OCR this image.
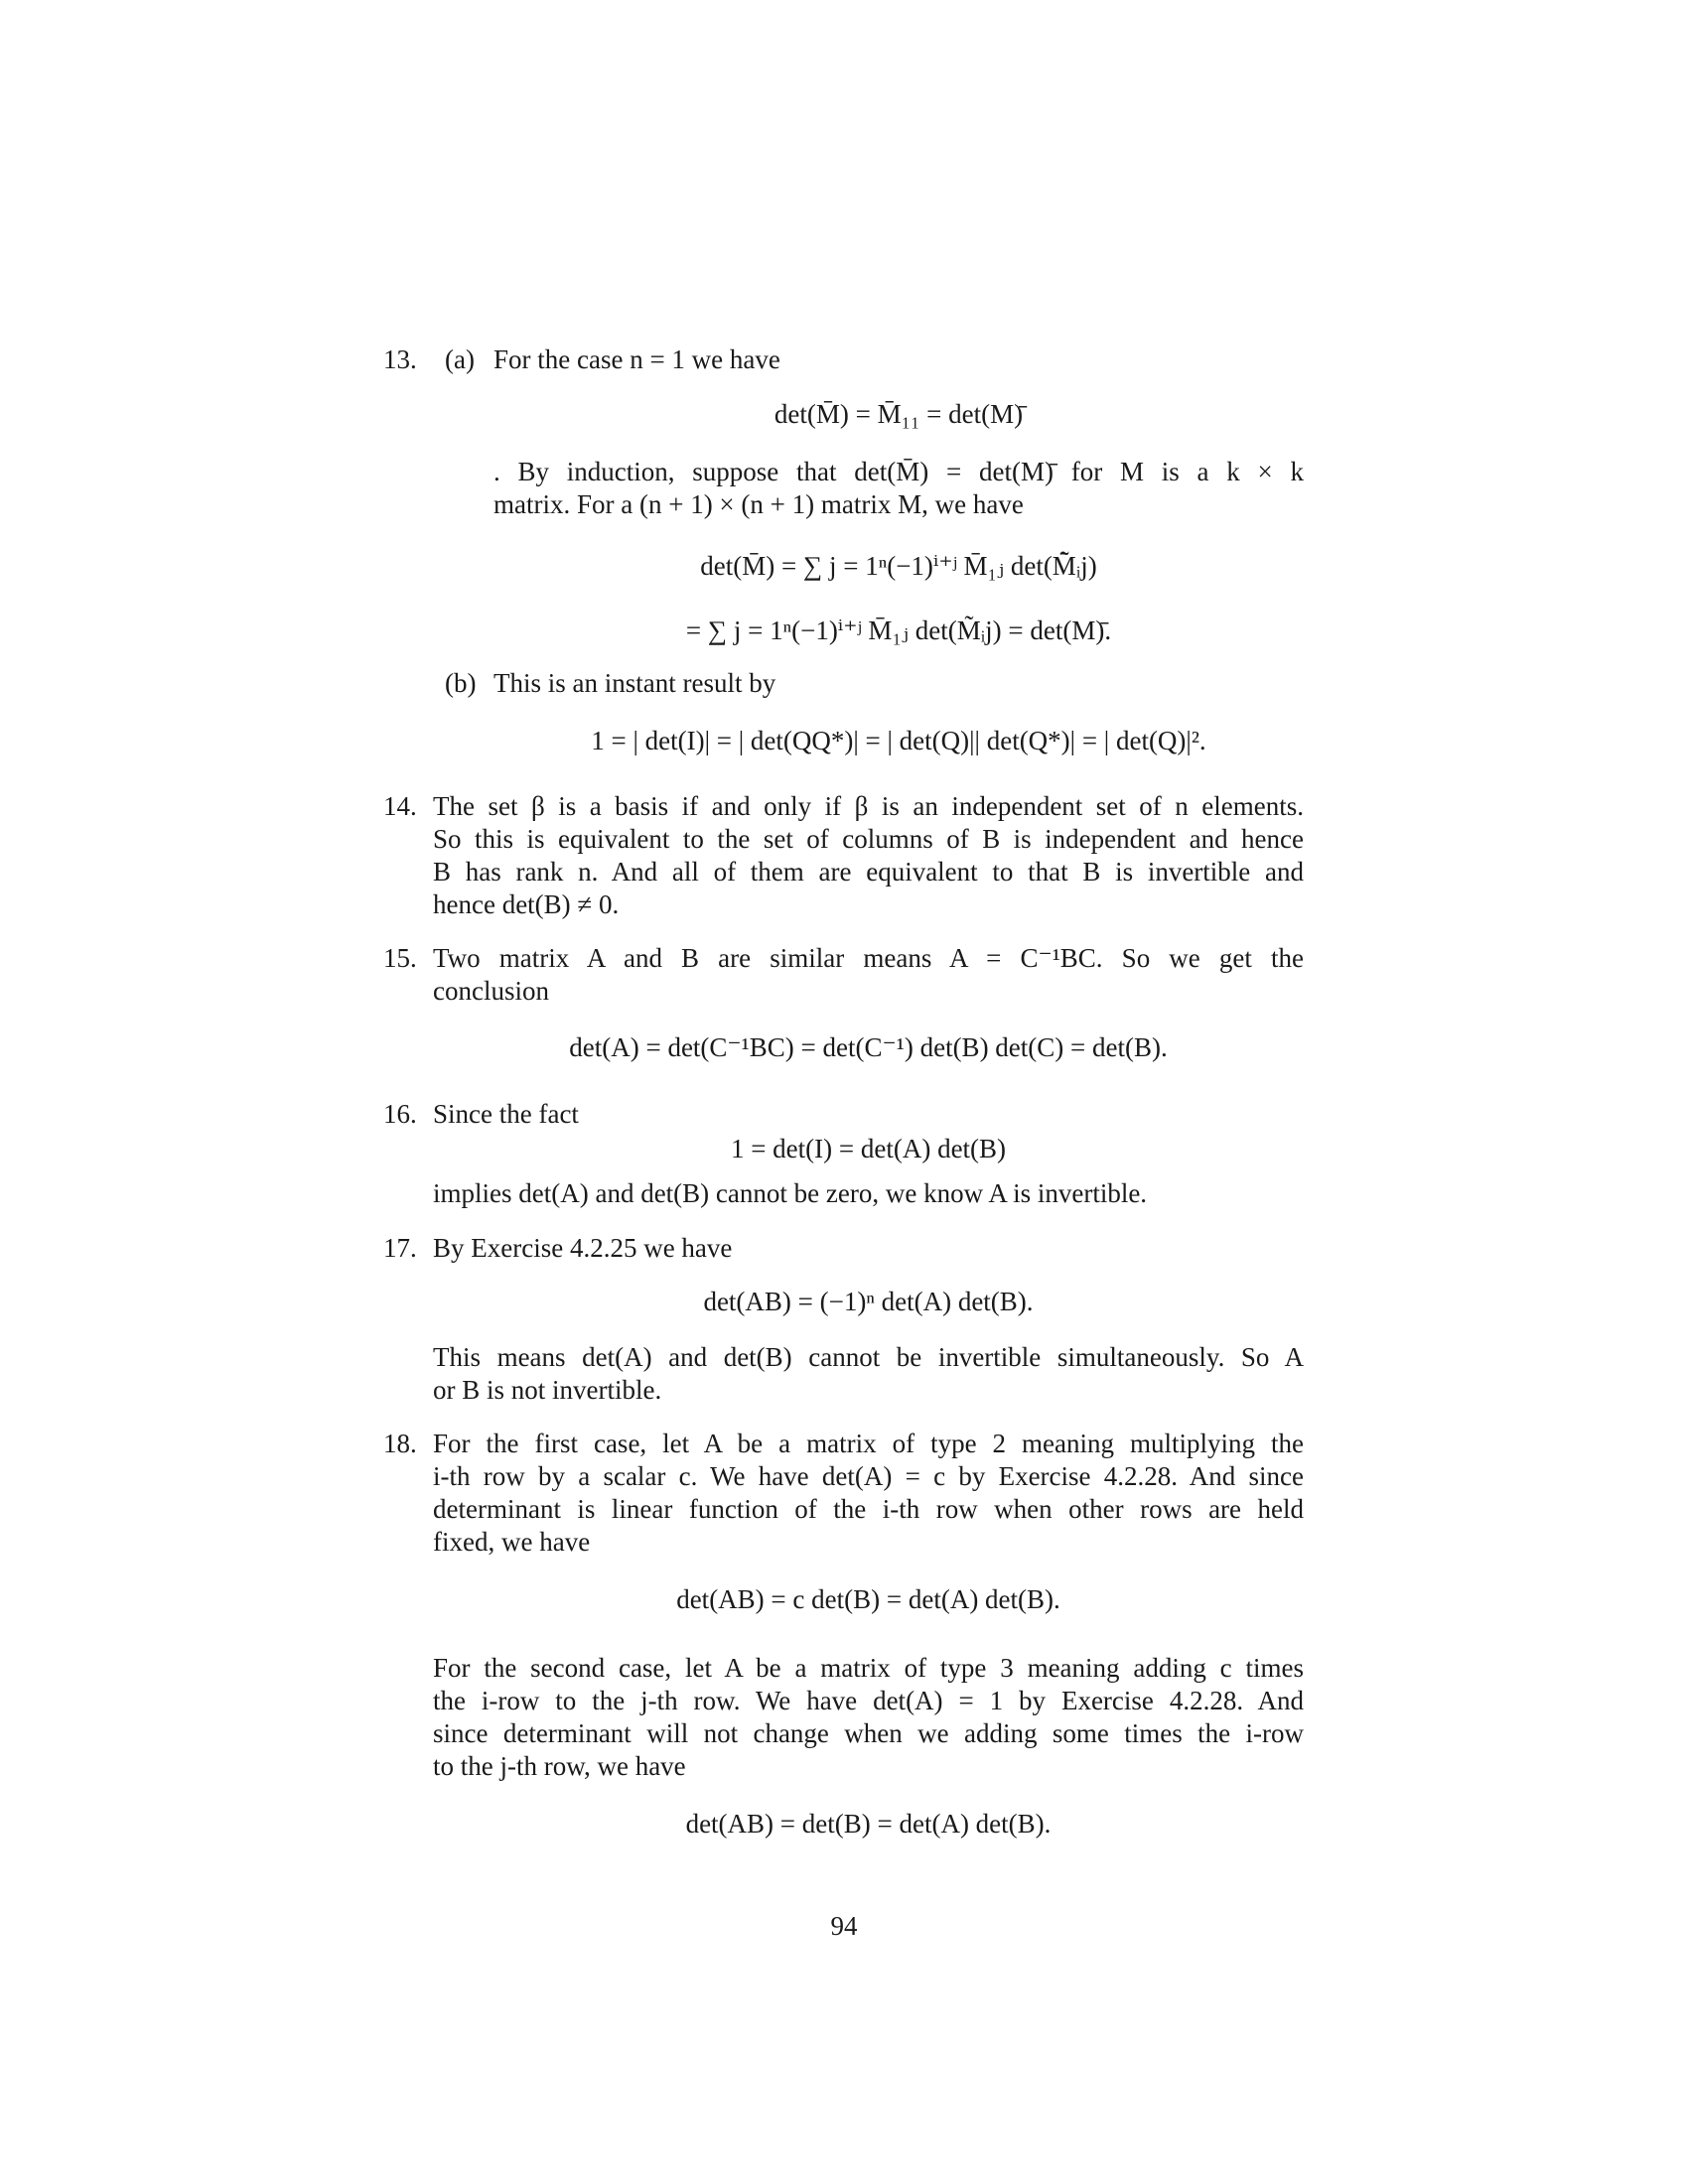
13. (a) For the case n = 1 we have
det(M̄) = M̄₁₁ = det(M)̄
. By induction, suppose that det(M̄) = det(M)̄ for M is a k × k
matrix. For a (n + 1) × (n + 1) matrix M, we have
det(M̄) = ∑ j = 1ⁿ(−1)ⁱ⁺ʲ M̄₁ⱼ det(M̄̃ᵢj)
= ∑ j = 1ⁿ(−1)ⁱ⁺ʲ M̄₁ⱼ det(M̃ᵢj) = det(M)̄.
(b) This is an instant result by
1 = | det(I)| = | det(QQ*)| = | det(Q)|| det(Q*)| = | det(Q)|².
14. The set β is a basis if and only if β is an independent set of n elements.
So this is equivalent to the set of columns of B is independent and hence
B has rank n. And all of them are equivalent to that B is invertible and
hence det(B) ≠ 0.
15. Two matrix A and B are similar means A = C⁻¹BC. So we get the
conclusion
det(A) = det(C⁻¹BC) = det(C⁻¹) det(B) det(C) = det(B).
16. Since the fact
1 = det(I) = det(A) det(B)
implies det(A) and det(B) cannot be zero, we know A is invertible.
17. By Exercise 4.2.25 we have
det(AB) = (−1)ⁿ det(A) det(B).
This means det(A) and det(B) cannot be invertible simultaneously. So A
or B is not invertible.
18. For the first case, let A be a matrix of type 2 meaning multiplying the
i-th row by a scalar c. We have det(A) = c by Exercise 4.2.28. And since
determinant is linear function of the i-th row when other rows are held
fixed, we have
det(AB) = c det(B) = det(A) det(B).
For the second case, let A be a matrix of type 3 meaning adding c times
the i-row to the j-th row. We have det(A) = 1 by Exercise 4.2.28. And
since determinant will not change when we adding some times the i-row
to the j-th row, we have
det(AB) = det(B) = det(A) det(B).
94
